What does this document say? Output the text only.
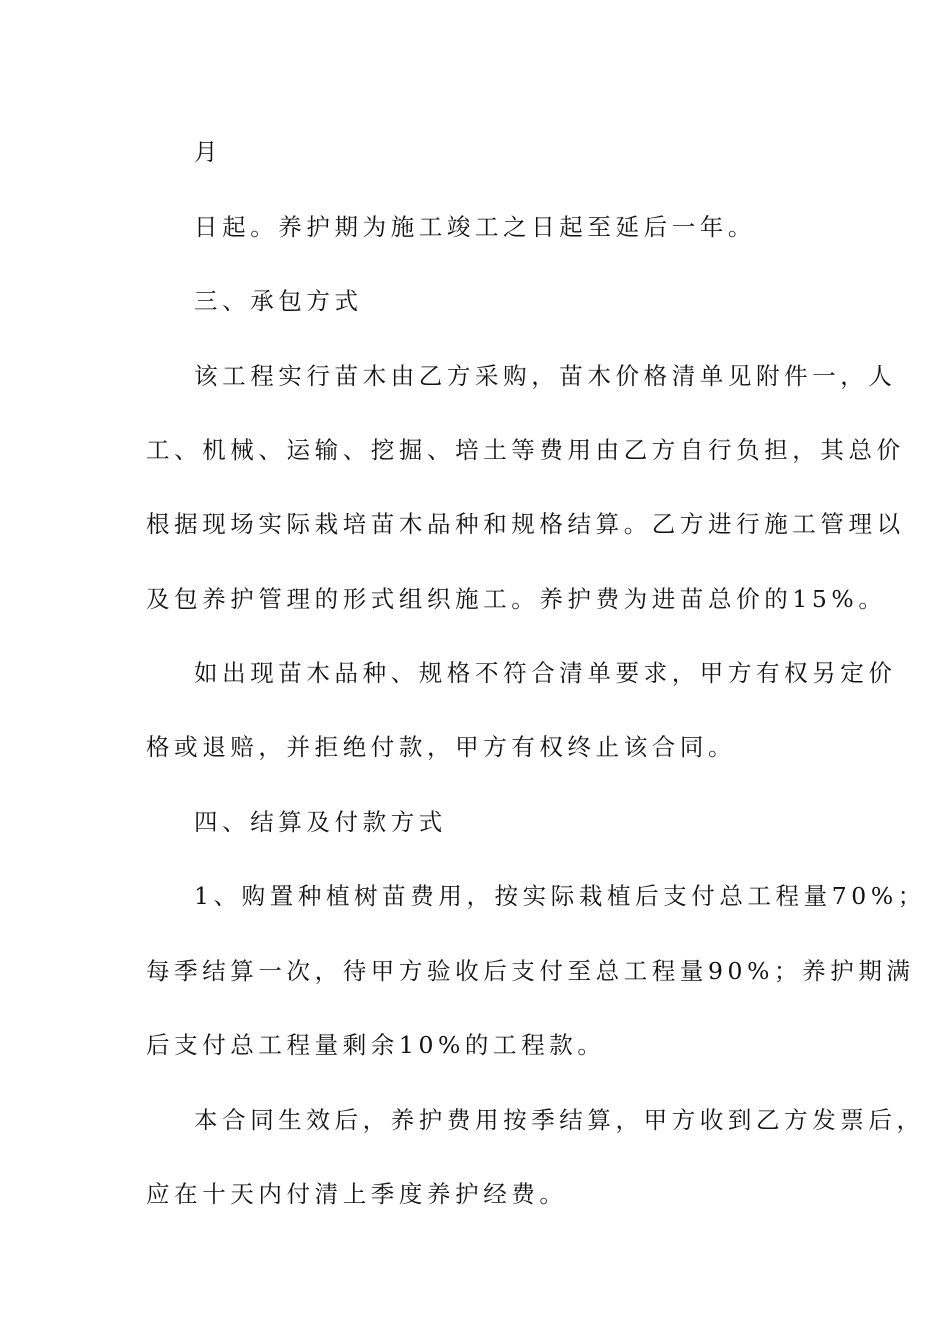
月
日起。养护期为施工竣工之日起至延后一年。
三、承包方式
该工程实行苗木由乙方采购，苗木价格清单见附件一，人
工、机械、运输、挖掘、培土等费用由乙方自行负担，其总价
根据现场实际栽培苗木品种和规格结算。乙方进行施工管理以
及包养护管理的形式组织施工。养护费为进苗总价的15%。
如出现苗木品种、规格不符合清单要求，甲方有权另定价
格或退赔，并拒绝付款，甲方有权终止该合同。
四、结算及付款方式
1、购置种植树苗费用，按实际栽植后支付总工程量70%；
每季结算一次，待甲方验收后支付至总工程量90%；养护期满
后支付总工程量剩余10%的工程款。
本合同生效后，养护费用按季结算，甲方收到乙方发票后，
应在十天内付清上季度养护经费。
